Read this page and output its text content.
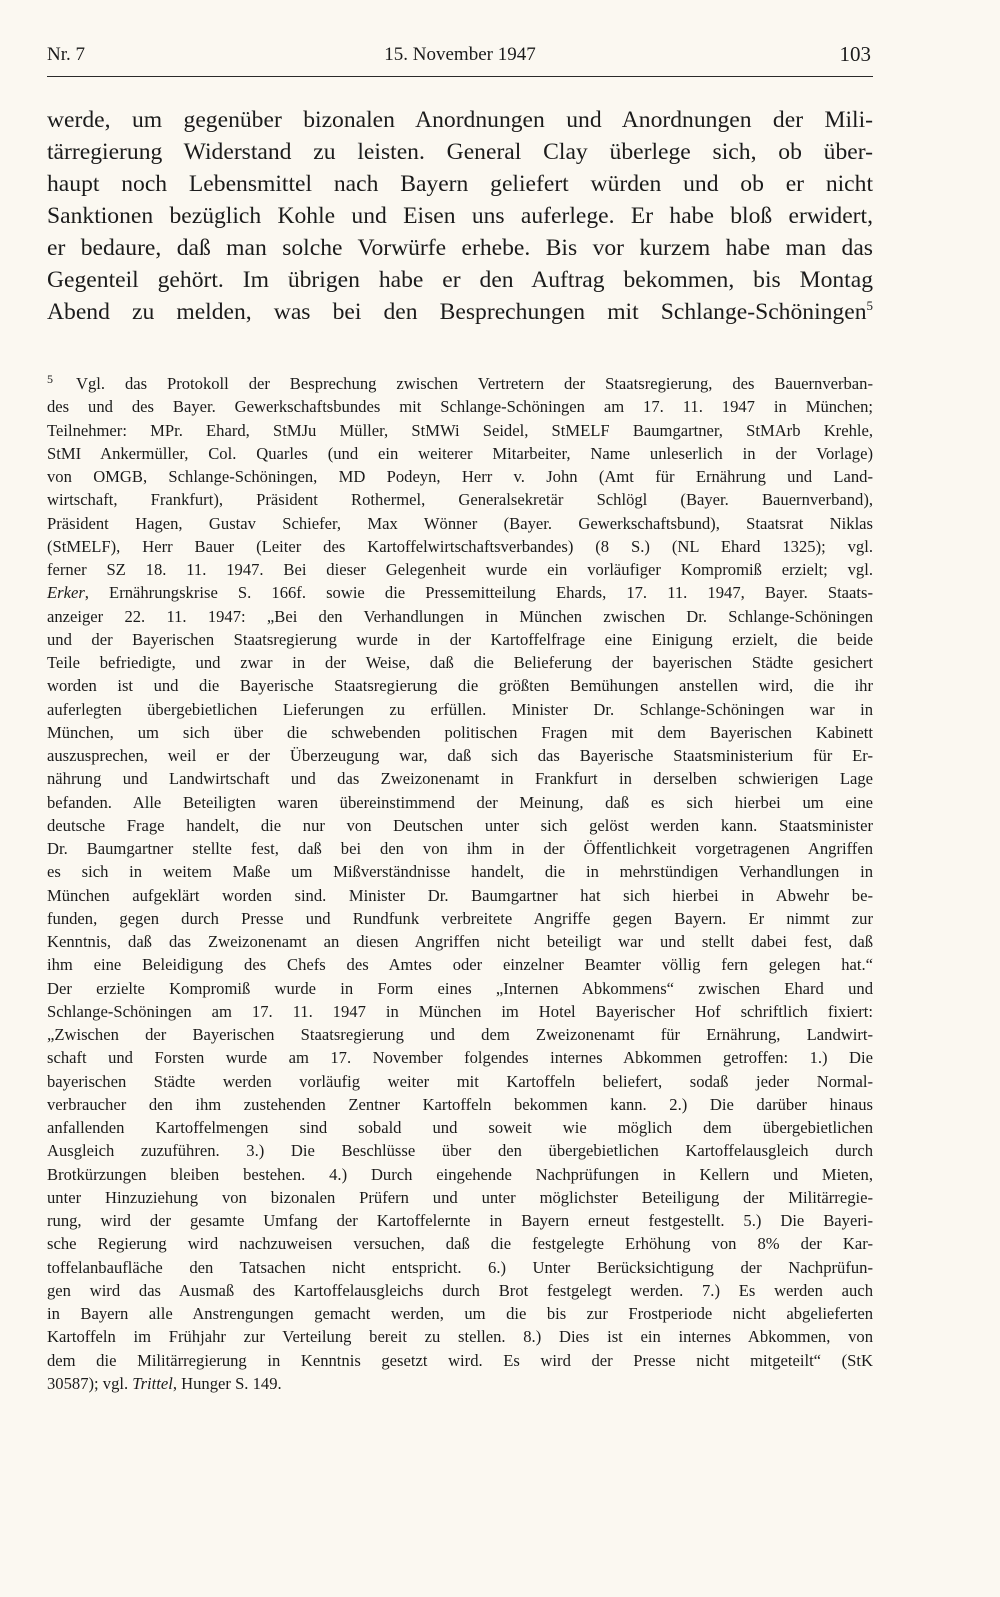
Nr. 7	15. November 1947	103
werde, um gegenüber bizonalen Anordnungen und Anordnungen der Mili-
tärregierung Widerstand zu leisten. General Clay überlege sich, ob über-
haupt noch Lebensmittel nach Bayern geliefert würden und ob er nicht
Sanktionen bezüglich Kohle und Eisen uns auferlege. Er habe bloß erwidert,
er bedaure, daß man solche Vorwürfe erhebe. Bis vor kurzem habe man das
Gegenteil gehört. Im übrigen habe er den Auftrag bekommen, bis Montag
Abend zu melden, was bei den Besprechungen mit Schlange-Schöningen$^5$
5 Vgl. das Protokoll der Besprechung zwischen Vertretern der Staatsregierung, des Bauernverban-
des und des Bayer. Gewerkschaftsbundes mit Schlange-Schöningen am 17. 11. 1947 in München;
Teilnehmer: MPr. Ehard, StMJu Müller, StMWi Seidel, StMELF Baumgartner, StMArb Krehle,
StMI Ankermüller, Col. Quarles (und ein weiterer Mitarbeiter, Name unleserlich in der Vorlage)
von OMGB, Schlange-Schöningen, MD Podeyn, Herr v. John (Amt für Ernährung und Land-
wirtschaft, Frankfurt), Präsident Rothermel, Generalsekretär Schlögl (Bayer. Bauernverband),
Präsident Hagen, Gustav Schiefer, Max Wönner (Bayer. Gewerkschaftsbund), Staatsrat Niklas
(StMELF), Herr Bauer (Leiter des Kartoffelwirtschaftsverbandes) (8 S.) (NL Ehard 1325); vgl.
ferner SZ 18. 11. 1947. Bei dieser Gelegenheit wurde ein vorläufiger Kompromiß erzielt; vgl.
Erker, Ernährungskrise S. 166f. sowie die Pressemitteilung Ehards, 17. 11. 1947, Bayer. Staats-
anzeiger 22. 11. 1947: „Bei den Verhandlungen in München zwischen Dr. Schlange-Schöningen
und der Bayerischen Staatsregierung wurde in der Kartoffelfrage eine Einigung erzielt, die beide
Teile befriedigte, und zwar in der Weise, daß die Belieferung der bayerischen Städte gesichert
worden ist und die Bayerische Staatsregierung die größten Bemühungen anstellen wird, die ihr
auferlegten übergebietlichen Lieferungen zu erfüllen. Minister Dr. Schlange-Schöningen war in
München, um sich über die schwebenden politischen Fragen mit dem Bayerischen Kabinett
auszusprechen, weil er der Überzeugung war, daß sich das Bayerische Staatsministerium für Er-
nährung und Landwirtschaft und das Zweizonenamt in Frankfurt in derselben schwierigen Lage
befanden. Alle Beteiligten waren übereinstimmend der Meinung, daß es sich hierbei um eine
deutsche Frage handelt, die nur von Deutschen unter sich gelöst werden kann. Staatsminister
Dr. Baumgartner stellte fest, daß bei den von ihm in der Öffentlichkeit vorgetragenen Angriffen
es sich in weitem Maße um Mißverständnisse handelt, die in mehrstündigen Verhandlungen in
München aufgeklärt worden sind. Minister Dr. Baumgartner hat sich hierbei in Abwehr be-
funden, gegen durch Presse und Rundfunk verbreitete Angriffe gegen Bayern. Er nimmt zur
Kenntnis, daß das Zweizonenamt an diesen Angriffen nicht beteiligt war und stellt dabei fest, daß
ihm eine Beleidigung des Chefs des Amtes oder einzelner Beamter völlig fern gelegen hat.“
Der erzielte Kompromiß wurde in Form eines „Internen Abkommens“ zwischen Ehard und
Schlange-Schöningen am 17. 11. 1947 in München im Hotel Bayerischer Hof schriftlich fixiert:
„Zwischen der Bayerischen Staatsregierung und dem Zweizonenamt für Ernährung, Landwirt-
schaft und Forsten wurde am 17. November folgendes internes Abkommen getroffen: 1.) Die
bayerischen Städte werden vorläufig weiter mit Kartoffeln beliefert, sodaß jeder Normal-
verbraucher den ihm zustehenden Zentner Kartoffeln bekommen kann. 2.) Die darüber hinaus
anfallenden Kartoffelmengen sind sobald und soweit wie möglich dem übergebietlichen
Ausgleich zuzuführen. 3.) Die Beschlüsse über den übergebietlichen Kartoffelausgleich durch
Brotkürzungen bleiben bestehen. 4.) Durch eingehende Nachprüfungen in Kellern und Mieten,
unter Hinzuziehung von bizonalen Prüfern und unter möglichster Beteiligung der Militärregie-
rung, wird der gesamte Umfang der Kartoffelernte in Bayern erneut festgestellt. 5.) Die Bayeri-
sche Regierung wird nachzuweisen versuchen, daß die festgelegte Erhöhung von 8% der Kar-
toffelanbaufläche den Tatsachen nicht entspricht. 6.) Unter Berücksichtigung der Nachprüfun-
gen wird das Ausmaß des Kartoffelausgleichs durch Brot festgelegt werden. 7.) Es werden auch
in Bayern alle Anstrengungen gemacht werden, um die bis zur Frostperiode nicht abgelieferten
Kartoffeln im Frühjahr zur Verteilung bereit zu stellen. 8.) Dies ist ein internes Abkommen, von
dem die Militärregierung in Kenntnis gesetzt wird. Es wird der Presse nicht mitgeteilt“ (StK
30587); vgl. Trittel, Hunger S. 149.
